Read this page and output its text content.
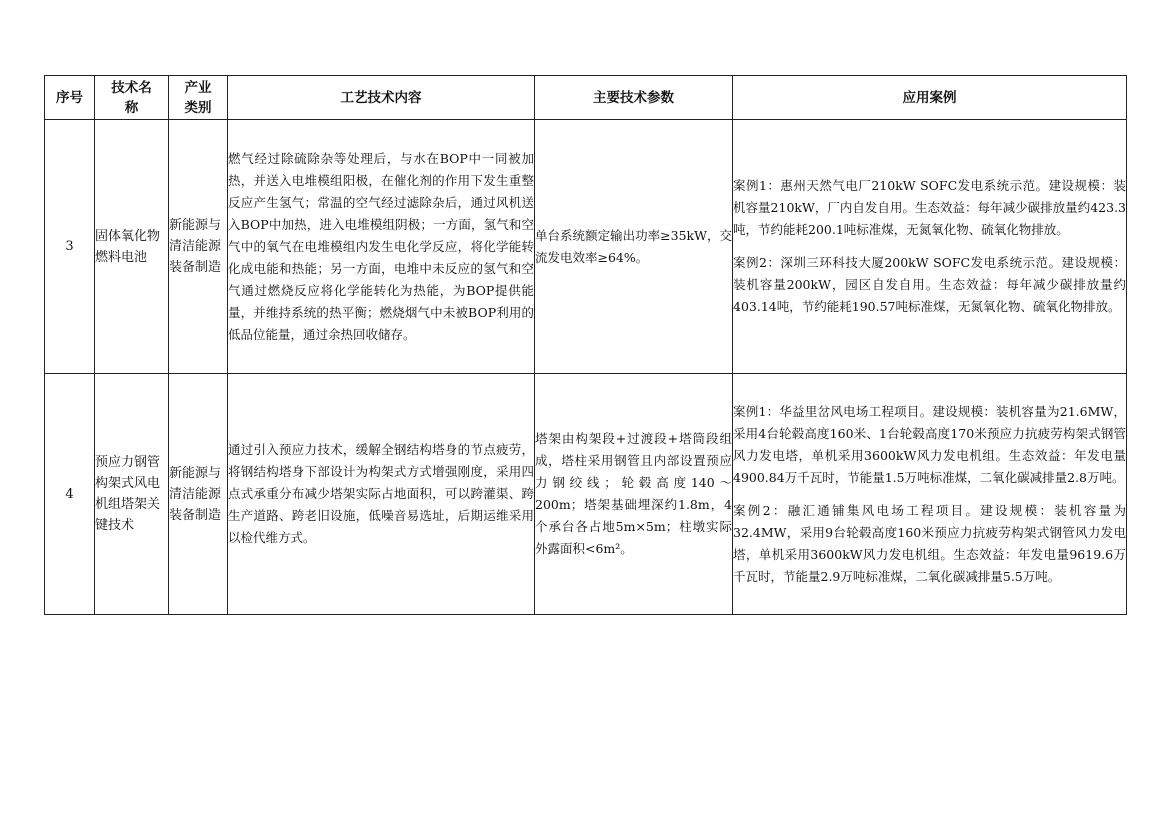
序号	技术名称	产业类别	工艺技术内容	主要技术参数	应用案例
3	固体氧化物燃料电池	新能源与清洁能源装备制造	燃气经过除硫除杂等处理后，与水在BOP中一同被加热，并送入电堆模组阳极，在催化剂的作用下发生重整反应产生氢气；常温的空气经过滤除杂后，通过风机送入BOP中加热，进入电堆模组阴极；一方面，氢气和空气中的氧气在电堆模组内发生电化学反应，将化学能转化成电能和热能；另一方面，电堆中未反应的氢气和空气通过燃烧反应将化学能转化为热能，为BOP提供能量，并维持系统的热平衡；燃烧烟气中未被BOP利用的低品位能量，通过余热回收储存。	单台系统额定输出功率≥35kW，交流发电效率≥64%。	案例1：惠州天然气电厂210kW SOFC发电系统示范。建设规模：装机容量210kW，厂内自发自用。生态效益：每年减少碳排放量约423.3吨，节约能耗200.1吨标准煤，无氮氧化物、硫氧化物排放。
案例2：深圳三环科技大厦200kW SOFC发电系统示范。建设规模：装机容量200kW，园区自发自用。生态效益：每年减少碳排放量约403.14吨，节约能耗190.57吨标准煤，无氮氧化物、硫氧化物排放。

4	预应力钢管构架式风电机组塔架关键技术	新能源与清洁能源装备制造	通过引入预应力技术，缓解全钢结构塔身的节点疲劳，将钢结构塔身下部设计为构架式方式增强刚度，采用四点式承重分布减少塔架实际占地面积，可以跨灌渠、跨生产道路、跨老旧设施，低噪音易选址，后期运维采用以检代维方式。	塔架由构架段+过渡段+塔筒段组成，塔柱采用钢管且内部设置预应力钢绞线；轮毂高度140～200m；塔架基础埋深约1.8m，4个承台各占地5m×5m；柱墩实际外露面积<6m²。	案例1：华益里岔风电场工程项目。建设规模：装机容量为21.6MW，采用4台轮毂高度160米、1台轮毂高度170米预应力抗疲劳构架式钢管风力发电塔，单机采用3600kW风力发电机组。生态效益：年发电量4900.84万千瓦时，节能量1.5万吨标准煤，二氧化碳减排量2.8万吨。
案例2：融汇通铺集风电场工程项目。建设规模：装机容量为32.4MW，采用9台轮毂高度160米预应力抗疲劳构架式钢管风力发电塔，单机采用3600kW风力发电机组。生态效益：年发电量9619.6万千瓦时，节能量2.9万吨标准煤，二氧化碳减排量5.5万吨。
